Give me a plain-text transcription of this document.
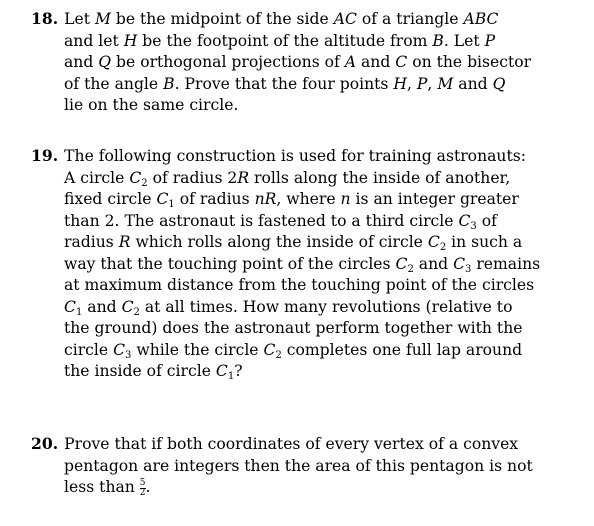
18. Let M be the midpoint of the side AC of a triangle ABC
and let H be the footpoint of the altitude from B. Let P
and Q be orthogonal projections of A and C on the bisector
of the angle B. Prove that the four points H, P, M and Q
lie on the same circle.
19. The following construction is used for training astronauts:
A circle $C_2$ of radius 2R rolls along the inside of another,
fixed circle $C_1$ of radius nR, where n is an integer greater
than 2. The astronaut is fastened to a third circle $C_3$ of
radius R which rolls along the inside of circle $C_2$ in such a
way that the touching point of the circles $C_2$ and $C_3$ remains
at maximum distance from the touching point of the circles
$C_1$ and $C_2$ at all times. How many revolutions (relative to
the ground) does the astronaut perform together with the
circle $C_3$ while the circle $C_2$ completes one full lap around
the inside of circle $C_1$?
20. Prove that if both coordinates of every vertex of a convex
pentagon are integers then the area of this pentagon is not
less than $\frac{5}{2}$ .
